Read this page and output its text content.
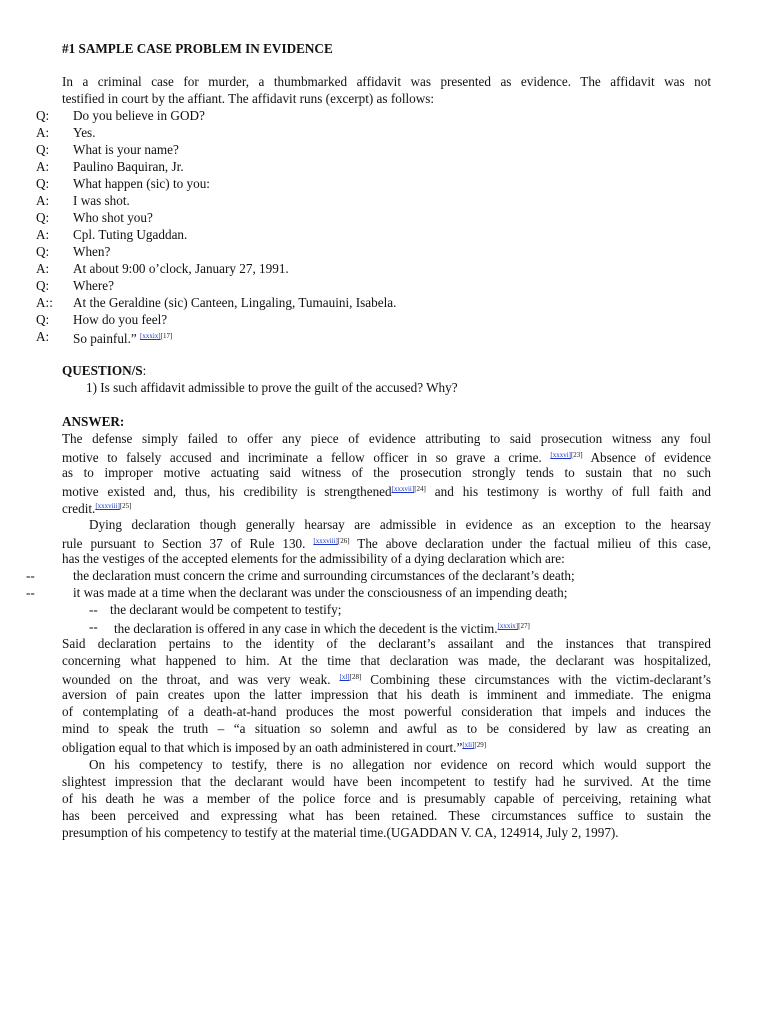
#1 SAMPLE CASE PROBLEM IN EVIDENCE
In a criminal case for murder, a thumbmarked affidavit was presented as evidence. The affidavit was not
testified in court by the affiant. The affidavit runs (excerpt) as follows:
Q: Do you believe in GOD?
A: Yes.
Q: What is your name?
A: Paulino Baquiran, Jr.
Q: What happen (sic) to you:
A: I was shot.
Q: Who shot you?
A: Cpl. Tuting Ugaddan.
Q: When?
A: At about 9:00 o’clock, January 27, 1991.
Q: Where?
A:: At the Geraldine (sic) Canteen, Lingaling, Tumauini, Isabela.
Q: How do you feel?
A: So painful.” [xxxix][17]
QUESTION/S:
1) Is such affidavit admissible to prove the guilt of the accused? Why?
ANSWER:
The defense simply failed to offer any piece of evidence attributing to said prosecution witness any foul
motive to falsely accused and incriminate a fellow officer in so grave a crime. [xxxvi][23] Absence of evidence
as to improper motive actuating said witness of the prosecution strongly tends to sustain that no such
motive existed and, thus, his credibility is strengthened[xxxvii][24] and his testimony is worthy of full faith and
credit.[xxxviii][25]
Dying declaration though generally hearsay are admissible in evidence as an exception to the hearsay
rule pursuant to Section 37 of Rule 130. [xxxviii][26] The above declaration under the factual milieu of this case,
has the vestiges of the accepted elements for the admissibility of a dying declaration which are:
--	the declaration must concern the crime and surrounding circumstances of the declarant’s death;
--	it was made at a time when the declarant was under the consciousness of an impending death;
-- the declarant would be competent to testify;
-- the declaration is offered in any case in which the decedent is the victim.[xxxix][27]
Said declaration pertains to the identity of the declarant’s assailant and the instances that transpired
concerning what happened to him. At the time that declaration was made, the declarant was hospitalized,
wounded on the throat, and was very weak. [xl][28] Combining these circumstances with the victim-declarant’s
aversion of pain creates upon the latter impression that his death is imminent and immediate. The enigma
of contemplating of a death-at-hand produces the most powerful consideration that impels and induces the
mind to speak the truth – “a situation so solemn and awful as to be considered by law as creating an
obligation equal to that which is imposed by an oath administered in court.”[xli][29]
On his competency to testify, there is no allegation nor evidence on record which would support the
slightest impression that the declarant would have been incompetent to testify had he survived. At the time
of his death he was a member of the police force and is presumably capable of perceiving, retaining what
has been perceived and expressing what has been retained. These circumstances suffice to sustain the
presumption of his competency to testify at the material time.(UGADDAN V. CA, 124914, July 2, 1997).
